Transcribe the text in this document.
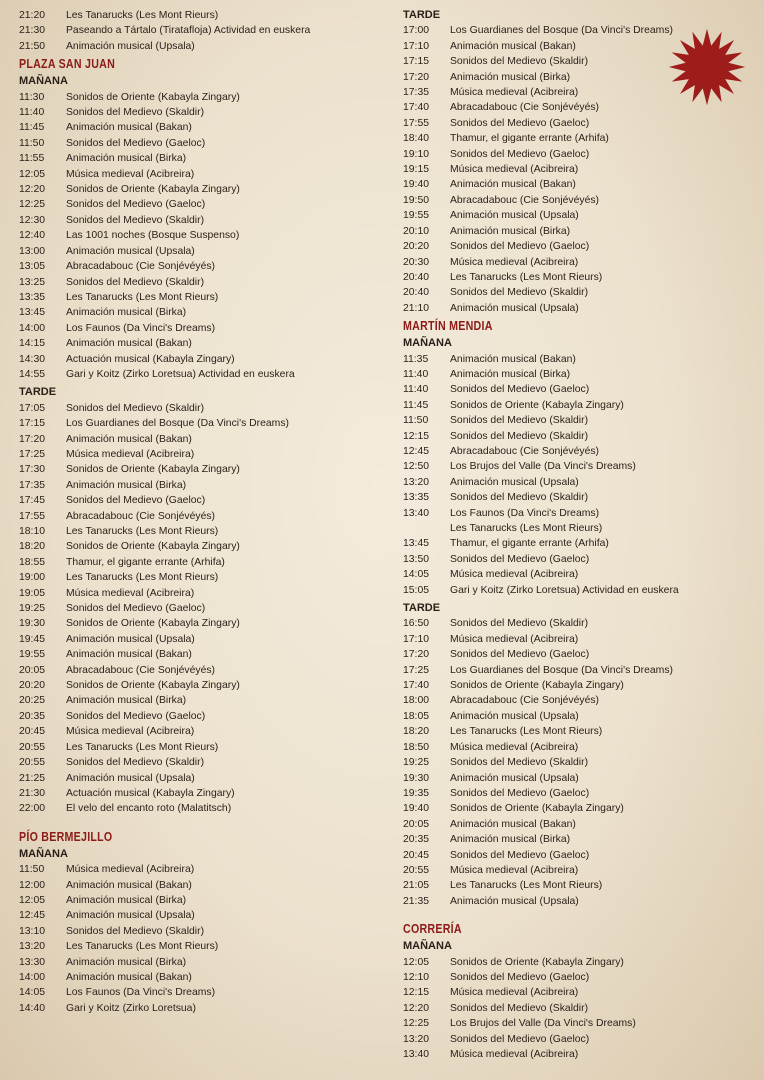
21:20	Les Tanarucks (Les Mont Rieurs)
21:30	Paseando a Tártalo (Tiratafloja) Actividad en euskera
21:50	Animación musical (Upsala)
PLAZA SAN JUAN
MAÑANA
11:30	Sonidos de Oriente (Kabayla Zingary)
11:40	Sonidos del Medievo (Skaldir)
11:45	Animación musical (Bakan)
11:50	Sonidos del Medievo (Gaeloc)
11:55	Animación musical (Birka)
12:05	Música medieval (Acibreira)
12:20	Sonidos de Oriente (Kabayla Zingary)
12:25	Sonidos del Medievo (Gaeloc)
12:30	Sonidos del Medievo (Skaldir)
12:40	Las 1001 noches (Bosque Suspenso)
13:00	Animación musical (Upsala)
13:05	Abracadabouc (Cie Sonjévéyés)
13:25	Sonidos del Medievo (Skaldir)
13:35	Les Tanarucks (Les Mont Rieurs)
13:45	Animación musical (Birka)
14:00	Los Faunos (Da Vinci's Dreams)
14:15	Animación musical (Bakan)
14:30	Actuación musical (Kabayla Zingary)
14:55	Gari y Koitz (Zirko Loretsua) Actividad en euskera
TARDE
17:05	Sonidos del Medievo (Skaldir)
17:15	Los Guardianes del Bosque (Da Vinci's Dreams)
17:20	Animación musical (Bakan)
17:25	Música medieval (Acibreira)
17:30	Sonidos de Oriente (Kabayla Zingary)
17:35	Animación musical (Birka)
17:45	Sonidos del Medievo (Gaeloc)
17:55	Abracadabouc (Cie Sonjévéyés)
18:10	Les Tanarucks (Les Mont Rieurs)
18:20	Sonidos de Oriente (Kabayla Zingary)
18:55	Thamur, el gigante errante (Arhifa)
19:00	Les Tanarucks (Les Mont Rieurs)
19:05	Música medieval (Acibreira)
19:25	Sonidos del Medievo (Gaeloc)
19:30	Sonidos de Oriente (Kabayla Zingary)
19:45	Animación musical (Upsala)
19:55	Animación musical (Bakan)
20:05	Abracadabouc (Cie Sonjévéyés)
20:20	Sonidos de Oriente (Kabayla Zingary)
20:25	Animación musical (Birka)
20:35	Sonidos del Medievo (Gaeloc)
20:45	Música medieval (Acibreira)
20:55	Les Tanarucks (Les Mont Rieurs)
20:55	Sonidos del Medievo (Skaldir)
21:25	Animación musical (Upsala)
21:30	Actuación musical (Kabayla Zingary)
22:00	El velo del encanto roto (Malatitsch)
PÍO BERMEJILLO
MAÑANA
11:50	Música medieval (Acibreira)
12:00	Animación musical (Bakan)
12:05	Animación musical (Birka)
12:45	Animación musical (Upsala)
13:10	Sonidos del Medievo (Skaldir)
13:20	Les Tanarucks (Les Mont Rieurs)
13:30	Animación musical (Birka)
14:00	Animación musical (Bakan)
14:05	Los Faunos (Da Vinci's Dreams)
14:40	Gari y Koitz (Zirko Loretsua)
TARDE
17:00	Los Guardianes del Bosque (Da Vinci's Dreams)
17:10	Animación musical (Bakan)
17:15	Sonidos del Medievo (Skaldir)
17:20	Animación musical (Birka)
17:35	Música medieval (Acibreira)
17:40	Abracadabouc (Cie Sonjévéyés)
17:55	Sonidos del Medievo (Gaeloc)
18:40	Thamur, el gigante errante (Arhifa)
19:10	Sonidos del Medievo (Gaeloc)
19:15	Música medieval (Acibreira)
19:40	Animación musical (Bakan)
19:50	Abracadabouc (Cie Sonjévéyés)
19:55	Animación musical (Upsala)
20:10	Animación musical (Birka)
20:20	Sonidos del Medievo (Gaeloc)
20:30	Música medieval (Acibreira)
20:40	Les Tanarucks (Les Mont Rieurs)
20:40	Sonidos del Medievo (Skaldir)
21:10	Animación musical (Upsala)
MARTÍN MENDIA
MAÑANA
11:35	Animación musical (Bakan)
11:40	Animación musical (Birka)
11:40	Sonidos del Medievo (Gaeloc)
11:45	Sonidos de Oriente (Kabayla Zingary)
11:50	Sonidos del Medievo (Skaldir)
12:15	Sonidos del Medievo (Skaldir)
12:45	Abracadabouc (Cie Sonjévéyés)
12:50	Los Brujos del Valle (Da Vinci's Dreams)
13:20	Animación musical (Upsala)
13:35	Sonidos del Medievo (Skaldir)
13:40	Los Faunos (Da Vinci's Dreams)
Les Tanarucks (Les Mont Rieurs)
13:45	Thamur, el gigante errante (Arhifa)
13:50	Sonidos del Medievo (Gaeloc)
14:05	Música medieval (Acibreira)
15:05	Gari y Koitz (Zirko Loretsua) Actividad en euskera
TARDE
16:50	Sonidos del Medievo (Skaldir)
17:10	Música medieval (Acibreira)
17:20	Sonidos del Medievo (Gaeloc)
17:25	Los Guardianes del Bosque (Da Vinci's Dreams)
17:40	Sonidos de Oriente (Kabayla Zingary)
18:00	Abracadabouc (Cie Sonjévéyés)
18:05	Animación musical (Upsala)
18:20	Les Tanarucks (Les Mont Rieurs)
18:50	Música medieval (Acibreira)
19:25	Sonidos del Medievo (Skaldir)
19:30	Animación musical (Upsala)
19:35	Sonidos del Medievo (Gaeloc)
19:40	Sonidos de Oriente (Kabayla Zingary)
20:05	Animación musical (Bakan)
20:35	Animación musical (Birka)
20:45	Sonidos del Medievo (Gaeloc)
20:55	Música medieval (Acibreira)
21:05	Les Tanarucks (Les Mont Rieurs)
21:35	Animación musical (Upsala)
CORRERÍA
MAÑANA
12:05	Sonidos de Oriente (Kabayla Zingary)
12:10	Sonidos del Medievo (Gaeloc)
12:15	Música medieval (Acibreira)
12:20	Sonidos del Medievo (Skaldir)
12:25	Los Brujos del Valle (Da Vinci's Dreams)
13:20	Sonidos del Medievo (Gaeloc)
13:40	Música medieval (Acibreira)
